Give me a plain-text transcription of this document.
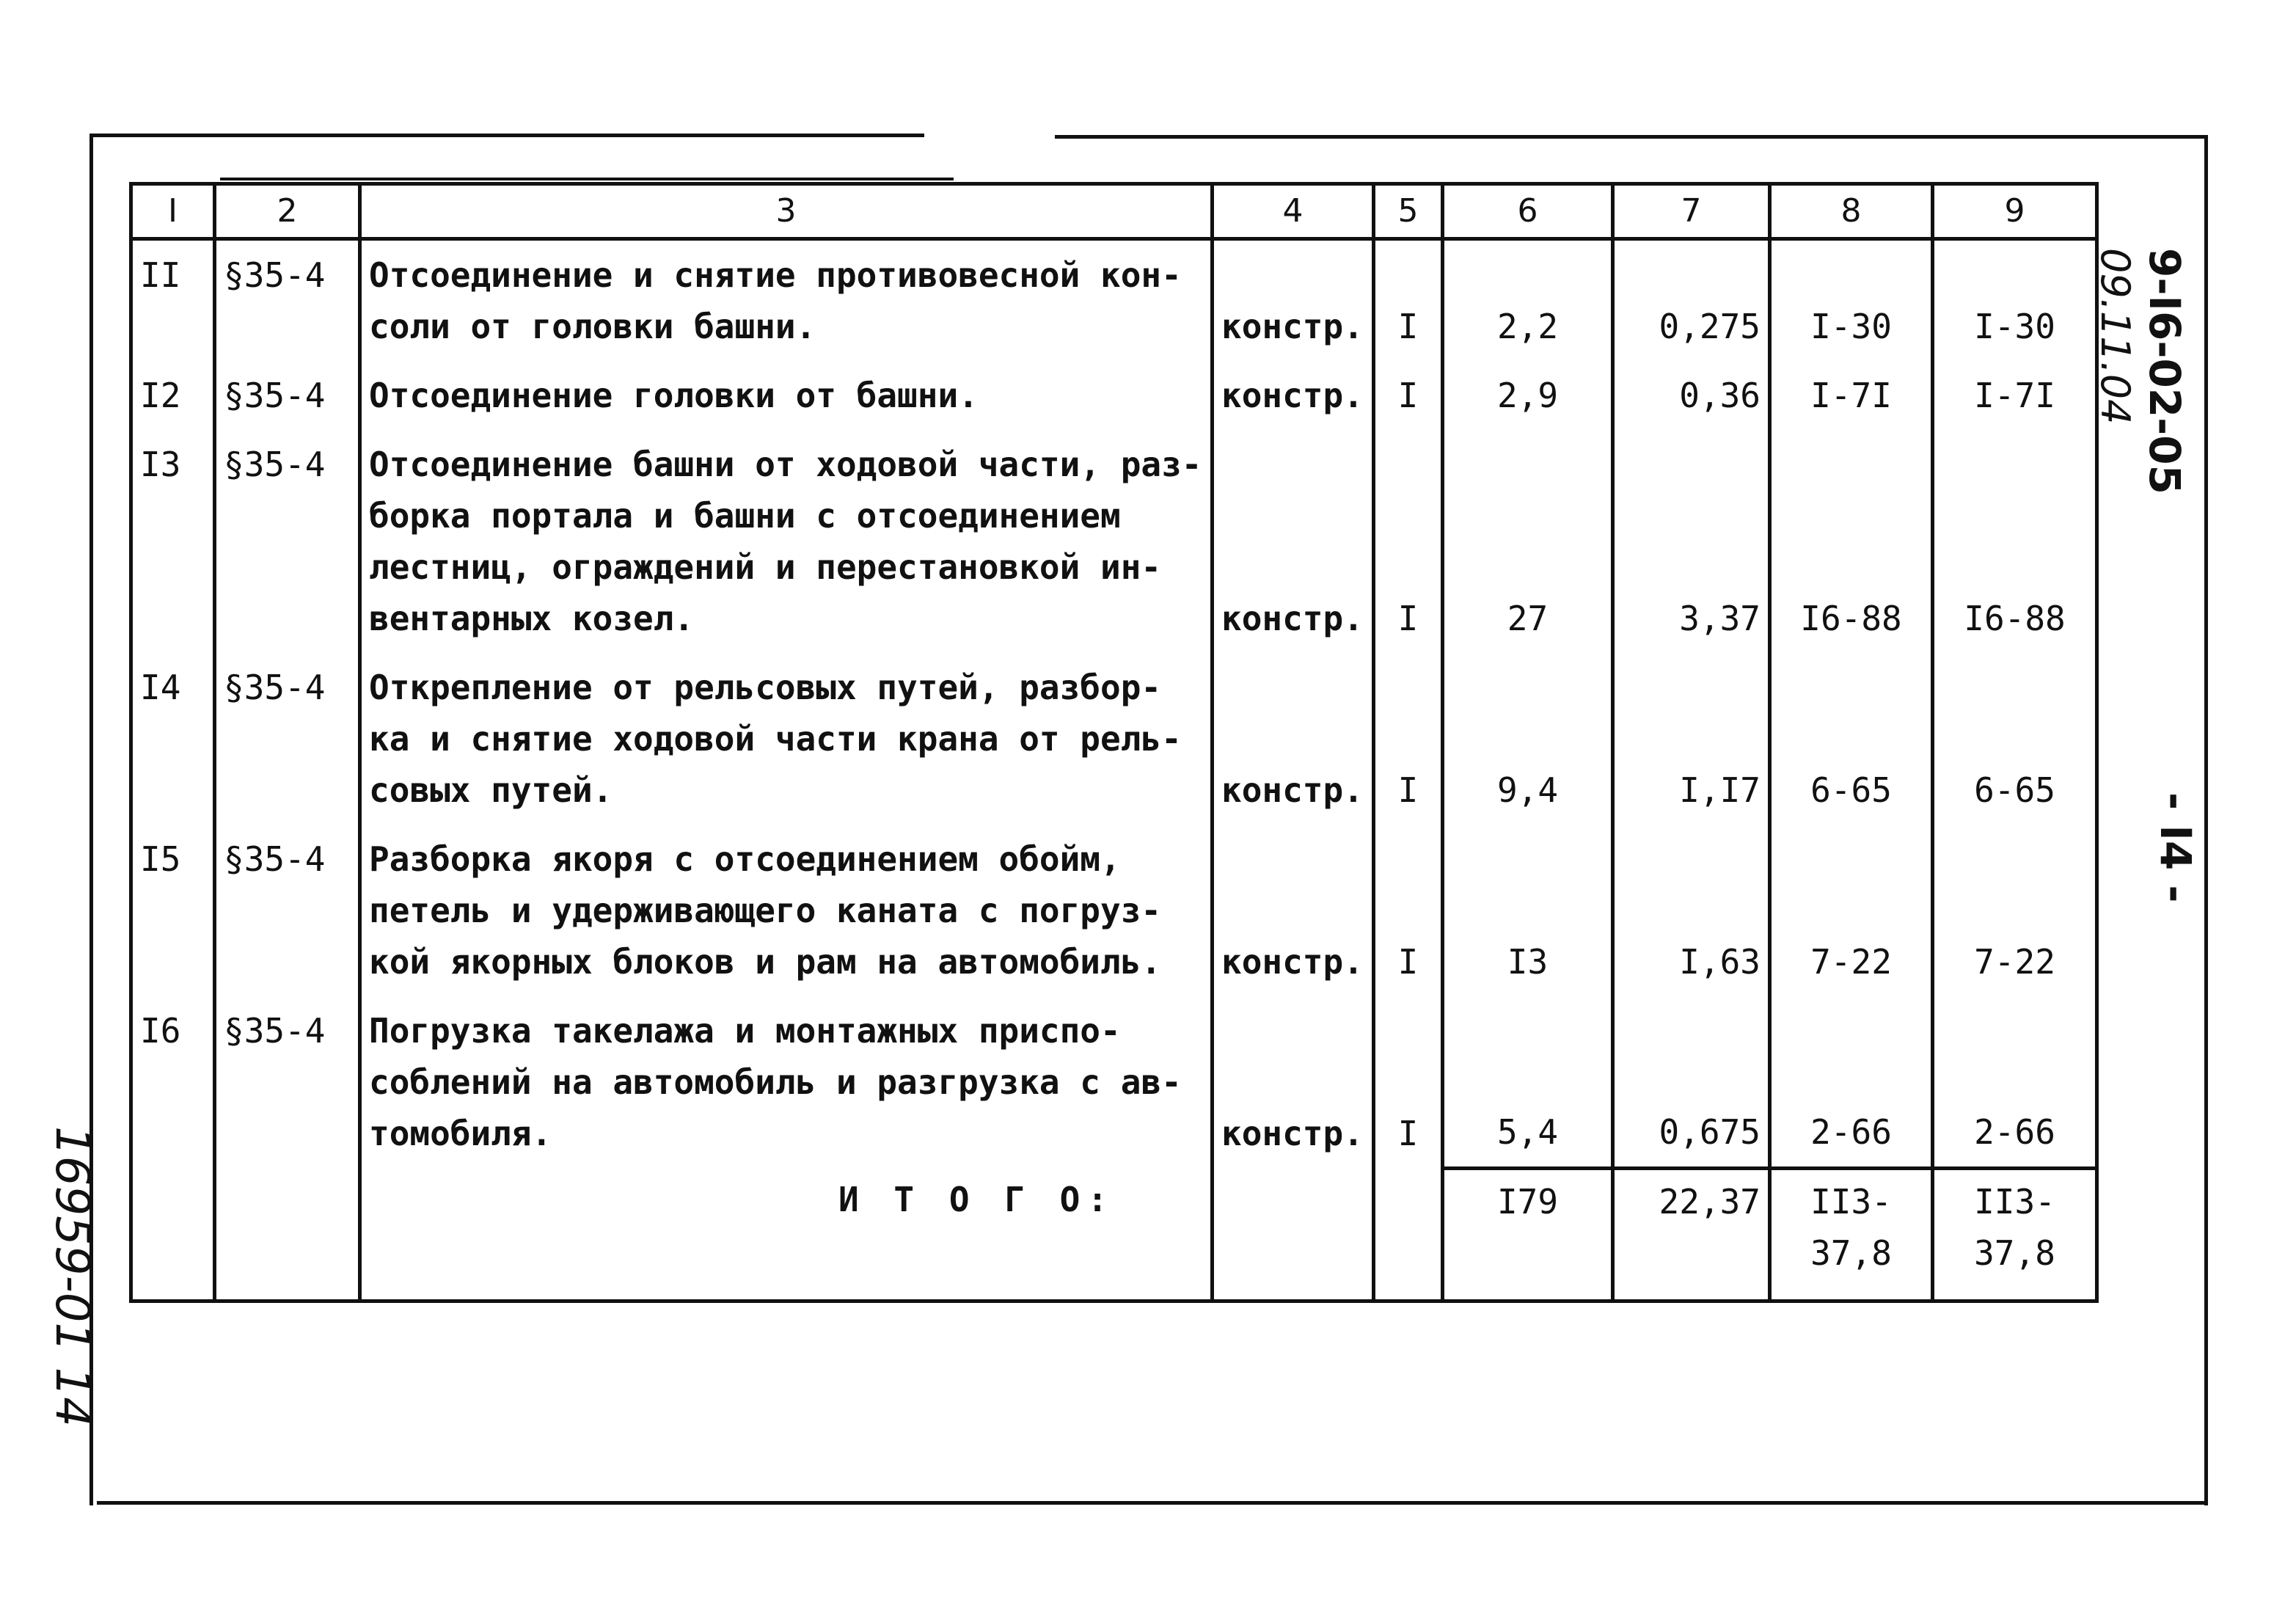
I	2	3	4	5	6	7	8	9
II	§35-4	Отсоединение и снятие противовесной кон-
соли от головки башни.	констр.	I	2,2	0,275	I-30	I-30
I2	§35-4	Отсоединение головки от башни.	констр.	I	2,9	0,36	I-7I	I-7I
I3	§35-4	Отсоединение башни от ходовой части, раз-
борка портала и башни с отсоединением
лестниц, ограждений и перестановкой ин-
вентарных козел.	констр.	I	27	3,37	I6-88	I6-88
I4	§35-4	Открепление от рельсовых путей, разбор-
ка и снятие ходовой части крана от рель-
совых путей.	констр.	I	9,4	I,I7	6-65	6-65
I5	§35-4	Разборка якоря с отсоединением обойм,
петель и удерживающего каната с погруз-
кой якорных блоков и рам на автомобиль.	констр.	I	I3	I,63	7-22	7-22
I6	§35-4	Погрузка такелажа и монтажных приспо-
соблений на автомобиль и разгрузка с ав-
томобиля.	констр.	I	5,4	0,675	2-66	2-66
		И Т О Г О:			I79	22,37	II3-37,8	II3-37,8
9-I6-02-05
09.11.04
- I4 -
16959-01 14
